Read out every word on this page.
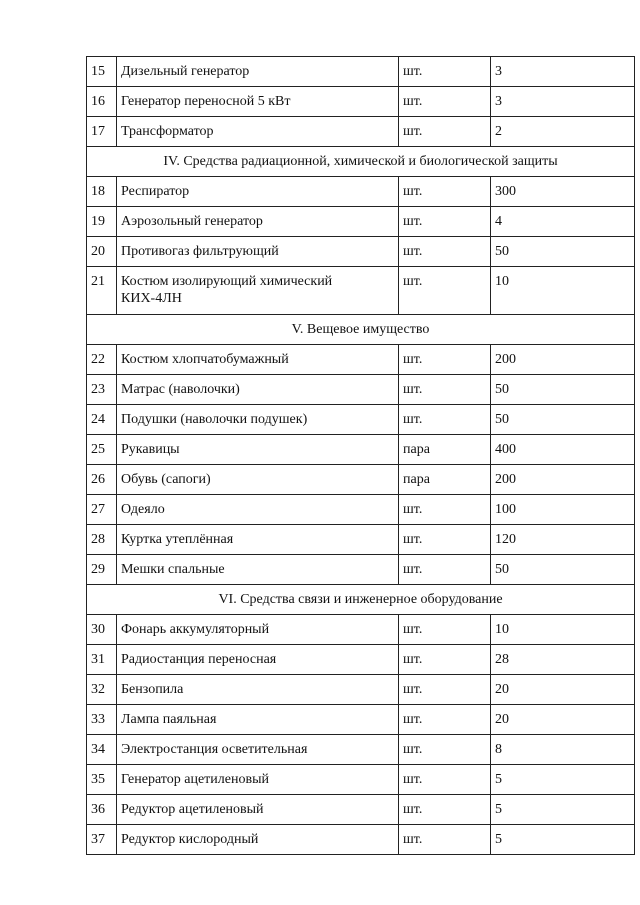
15	Дизельный генератор	шт.	3
16	Генератор переносной 5 кВт	шт.	3
17	Трансформатор	шт.	2
IV. Средства радиационной, химической и биологической защиты			
18	Респиратор	шт.	300
19	Аэрозольный генератор	шт.	4
20	Противогаз фильтрующий	шт.	50
21	Костюм изолирующий химический КИХ-4ЛН	шт.	10
V. Вещевое имущество			
22	Костюм хлопчатобумажный	шт.	200
23	Матрас (наволочки)	шт.	50
24	Подушки (наволочки подушек)	шт.	50
25	Рукавицы	пара	400
26	Обувь (сапоги)	пара	200
27	Одеяло	шт.	100
28	Куртка утеплённая	шт.	120
29	Мешки спальные	шт.	50
VI. Средства связи и инженерное оборудование			
30	Фонарь аккумуляторный	шт.	10
31	Радиостанция переносная	шт.	28
32	Бензопила	шт.	20
33	Лампа паяльная	шт.	20
34	Электростанция осветительная	шт.	8
35	Генератор ацетиленовый	шт.	5
36	Редуктор ацетиленовый	шт.	5
37	Редуктор кислородный	шт.	5
